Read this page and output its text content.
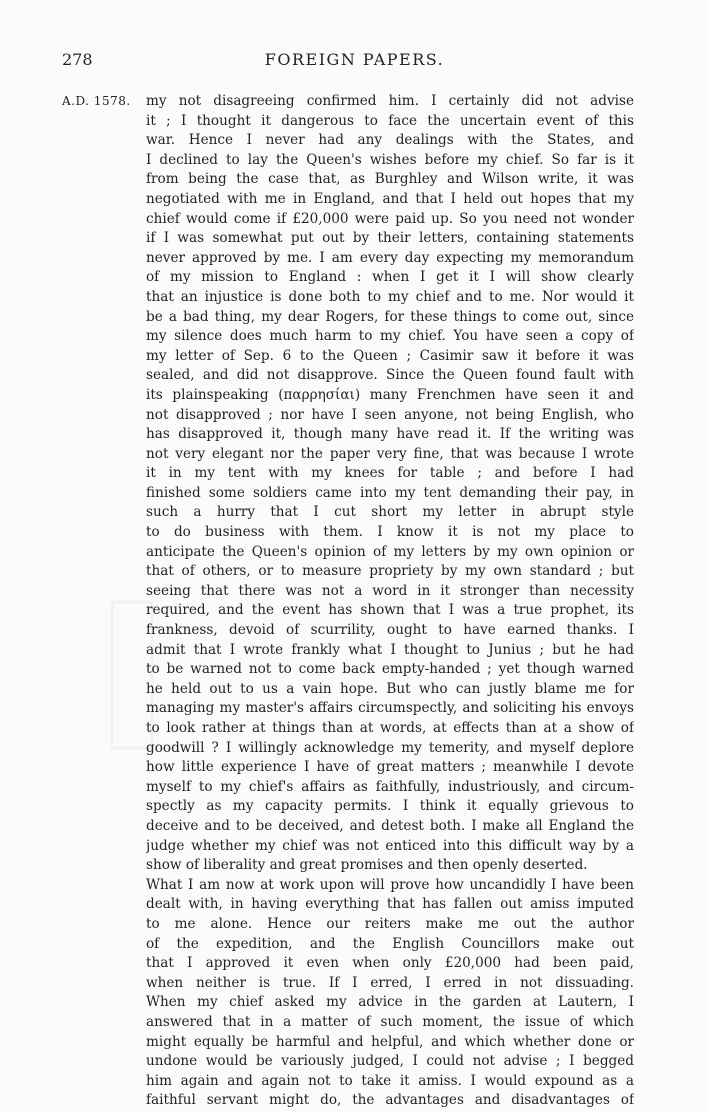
278	FOREIGN PAPERS.
A.D. 1578. my not disagreeing confirmed him. I certainly did not advise
it ; I thought it dangerous to face the uncertain event of this
war. Hence I never had any dealings with the States, and
I declined to lay the Queen's wishes before my chief. So far is it
from being the case that, as Burghley and Wilson write, it was
negotiated with me in England, and that I held out hopes that my
chief would come if £20,000 were paid up. So you need not wonder
if I was somewhat put out by their letters, containing statements
never approved by me. I am every day expecting my memorandum
of my mission to England : when I get it I will show clearly
that an injustice is done both to my chief and to me. Nor would it
be a bad thing, my dear Rogers, for these things to come out, since
my silence does much harm to my chief. You have seen a copy of
my letter of Sep. 6 to the Queen ; Casimir saw it before it was
sealed, and did not disapprove. Since the Queen found fault with
its plainspeaking (παρρησίαι) many Frenchmen have seen it and
not disapproved ; nor have I seen anyone, not being English, who
has disapproved it, though many have read it. If the writing was
not very elegant nor the paper very fine, that was because I wrote
it in my tent with my knees for table ; and before I had
finished some soldiers came into my tent demanding their pay, in
such a hurry that I cut short my letter in abrupt style
to do business with them. I know it is not my place to
anticipate the Queen's opinion of my letters by my own opinion or
that of others, or to measure propriety by my own standard ; but
seeing that there was not a word in it stronger than necessity
required, and the event has shown that I was a true prophet, its
frankness, devoid of scurrility, ought to have earned thanks. I
admit that I wrote frankly what I thought to Junius ; but he had
to be warned not to come back empty-handed ; yet though warned
he held out to us a vain hope. But who can justly blame me for
managing my master's affairs circumspectly, and soliciting his envoys
to look rather at things than at words, at effects than at a show of
goodwill ? I willingly acknowledge my temerity, and myself deplore
how little experience I have of great matters ; meanwhile I devote
myself to my chief's affairs as faithfully, industriously, and circum-
spectly as my capacity permits. I think it equally grievous to
deceive and to be deceived, and detest both. I make all England the
judge whether my chief was not enticed into this difficult way by a
show of liberality and great promises and then openly deserted.
What I am now at work upon will prove how uncandidly I have been
dealt with, in having everything that has fallen out amiss imputed
to me alone. Hence our reiters make me out the author
of the expedition, and the English Councillors make out
that I approved it even when only £20,000 had been paid,
when neither is true. If I erred, I erred in not dissuading.
When my chief asked my advice in the garden at Lautern, I
answered that in a matter of such moment, the issue of which
might equally be harmful and helpful, and which whether done or
undone would be variously judged, I could not advise ; I begged
him again and again not to take it amiss. I would expound as a
faithful servant might do, the advantages and disadvantages of
